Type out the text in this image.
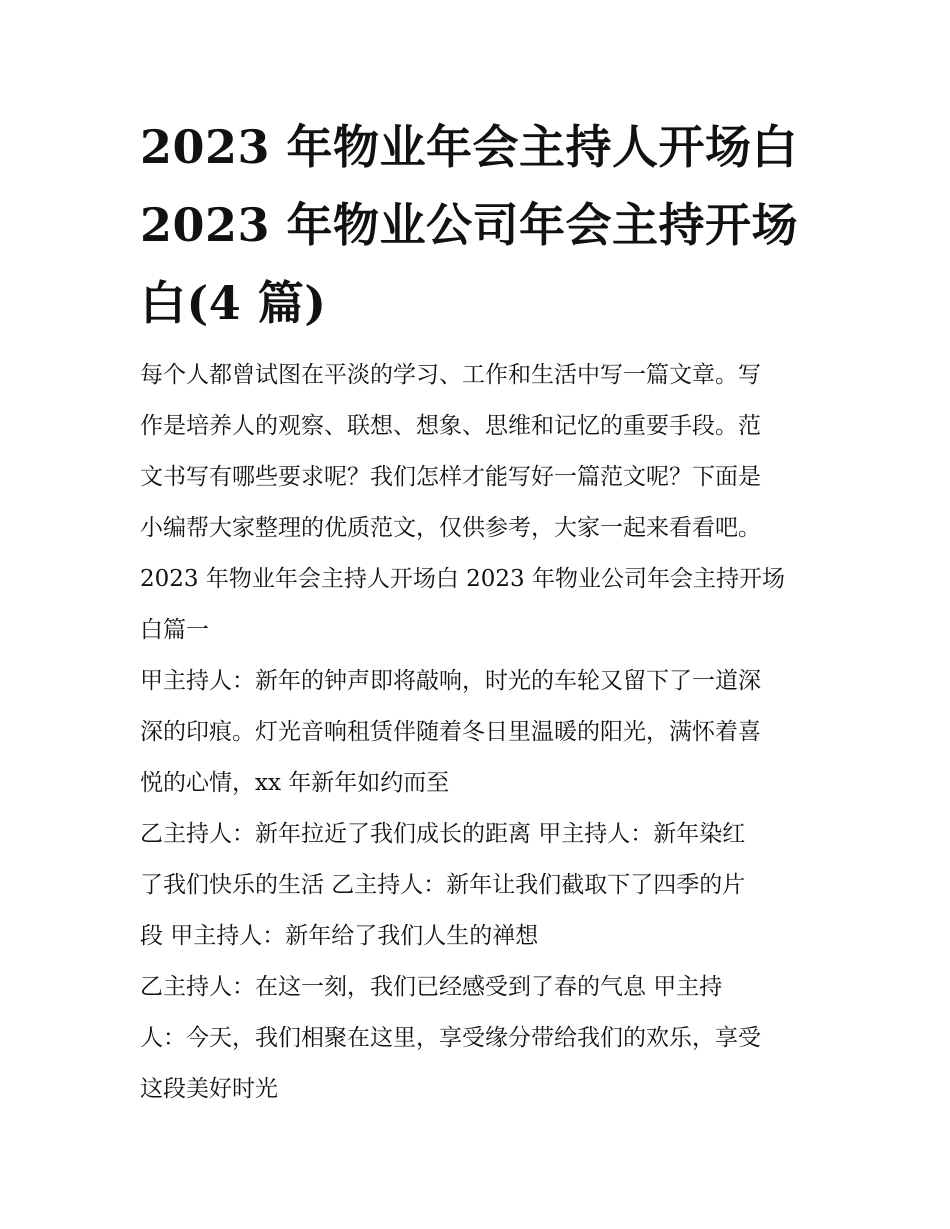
2023 年物业年会主持人开场白
2023 年物业公司年会主持开场
白(4 篇)
每个人都曾试图在平淡的学习、工作和生活中写一篇文章。写
作是培养人的观察、联想、想象、思维和记忆的重要手段。范
文书写有哪些要求呢？我们怎样才能写好一篇范文呢？下面是
小编帮大家整理的优质范文，仅供参考，大家一起来看看吧。
2023 年物业年会主持人开场白 2023 年物业公司年会主持开场
白篇一
甲主持人：新年的钟声即将敲响，时光的车轮又留下了一道深
深的印痕。灯光音响租赁伴随着冬日里温暖的阳光，满怀着喜
悦的心情，xx 年新年如约而至
乙主持人：新年拉近了我们成长的距离 甲主持人：新年染红
了我们快乐的生活 乙主持人：新年让我们截取下了四季的片
段 甲主持人：新年给了我们人生的禅想
乙主持人：在这一刻，我们已经感受到了春的气息 甲主持
人：今天，我们相聚在这里，享受缘分带给我们的欢乐，享受
这段美好时光
